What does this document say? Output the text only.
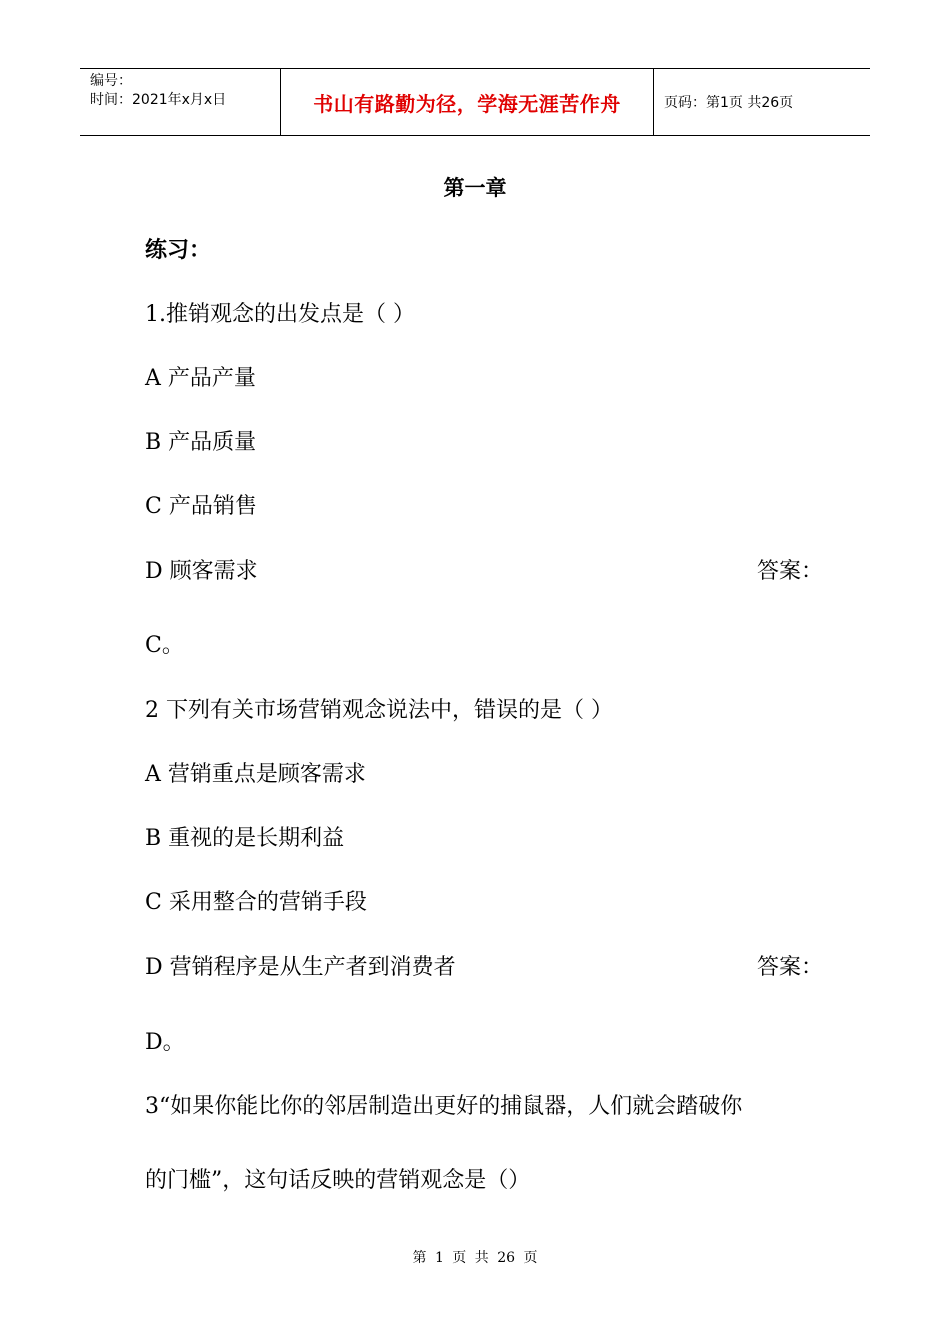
编号：
时间：2021年x月x日	书山有路勤为径，学海无涯苦作舟	页码：第1页 共26页
第一章
练习：
1.推销观念的出发点是（ ）
A 产品产量
B 产品质量
C 产品销售
D 顾客需求	答案：
C。
2 下列有关市场营销观念说法中，错误的是（ ）
A 营销重点是顾客需求
B 重视的是长期利益
C 采用整合的营销手段
D 营销程序是从生产者到消费者	答案：
D。
3“如果你能比你的邻居制造出更好的捕鼠器，人们就会踏破你
的门槛”，这句话反映的营销观念是（）
第 1 页 共 26 页
